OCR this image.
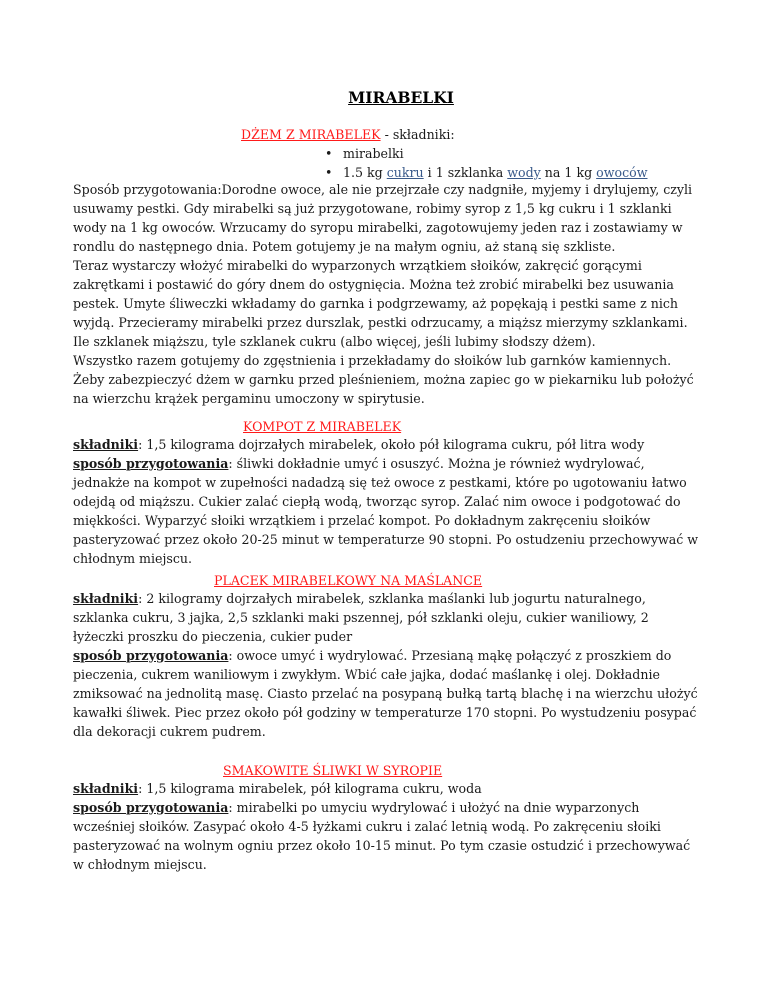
MIRABELKI
DŻEM Z MIRABELEK - składniki:
• mirabelki
• 1.5 kg cukru i 1 szklanka wody na 1 kg owoców

Sposób przygotowania:Dorodne owoce, ale nie przejrzałe czy nadgniłe, myjemy i drylujemy, czyli usuwamy pestki. Gdy mirabelki są już przygotowane, robimy syrop z 1,5 kg cukru i 1 szklanki wody na 1 kg owoców. Wrzucamy do syropu mirabelki, zagotowujemy jeden raz i zostawiamy w rondlu do następnego dnia. Potem gotujemy je na małym ogniu, aż staną się szkliste.
Teraz wystarczy włożyć mirabelki do wyparzonych wrzątkiem słoików, zakręcić gorącymi zakrętkami i postawić do góry dnem do ostygnięcia. Można też zrobić mirabelki bez usuwania pestek. Umyte śliweczki wkładamy do garnka i podgrzewamy, aż popękają i pestki same z nich wyjdą. Przecieramy mirabelki przez durszlak, pestki odrzucamy, a miąższ mierzymy szklankami. Ile szklanek miąższu, tyle szklanek cukru (albo więcej, jeśli lubimy słodszy dżem).
Wszystko razem gotujemy do zgęstnienia i przekładamy do słoików lub garnków kamiennych. Żeby zabezpieczyć dżem w garnku przed pleśnieniem, można zapiec go w piekarniku lub położyć na wierzchu krążek pergaminu umoczony w spirytusie.

KOMPOT Z MIRABELEK

składniki: 1,5 kilograma dojrzałych mirabelek, około pół kilograma cukru, pół litra wody
sposób przygotowania: śliwki dokładnie umyć i osuszyć. Można je również wydrylować, jednakże na kompot w zupełności nadadzą się też owoce z pestkami, które po ugotowaniu łatwo odejdą od miąższu. Cukier zalać ciepłą wodą, tworząc syrop. Zalać nim owoce i podgotować do miękkości. Wyparzyć słoiki wrzątkiem i przelać kompot. Po dokładnym zakręceniu słoików pasteryzować przez około 20-25 minut w temperaturze 90 stopni. Po ostudzeniu przechowywać w chłodnym miejscu.

PLACEK MIRABELKOWY NA MAŚLANCE

składniki: 2 kilogramy dojrzałych mirabelek, szklanka maślanki lub jogurtu naturalnego, szklanka cukru, 3 jajka, 2,5 szklanki maki pszennej, pół szklanki oleju, cukier waniliowy, 2 łyżeczki proszku do pieczenia, cukier puder
sposób przygotowania: owoce umyć i wydrylować. Przesianą mąkę połączyć z proszkiem do pieczenia, cukrem waniliowym i zwykłym. Wbić całe jajka, dodać maślankę i olej. Dokładnie zmiksować na jednolitą masę. Ciasto przelać na posypaną bułką tartą blachę i na wierzchu ułożyć kawałki śliwek. Piec przez około pół godziny w temperaturze 170 stopni. Po wystudzeniu posypać dla dekoracji cukrem pudrem.

SMAKOWITE ŚLIWKI W SYROPIE

składniki: 1,5 kilograma mirabelek, pół kilograma cukru, woda
sposób przygotowania: mirabelki po umyciu wydrylować i ułożyć na dnie wyparzonych wcześniej słoików. Zasypać około 4-5 łyżkami cukru i zalać letnią wodą. Po zakręceniu słoiki pasteryzować na wolnym ogniu przez około 10-15 minut. Po tym czasie ostudzić i przechowywać w chłodnym miejscu.
